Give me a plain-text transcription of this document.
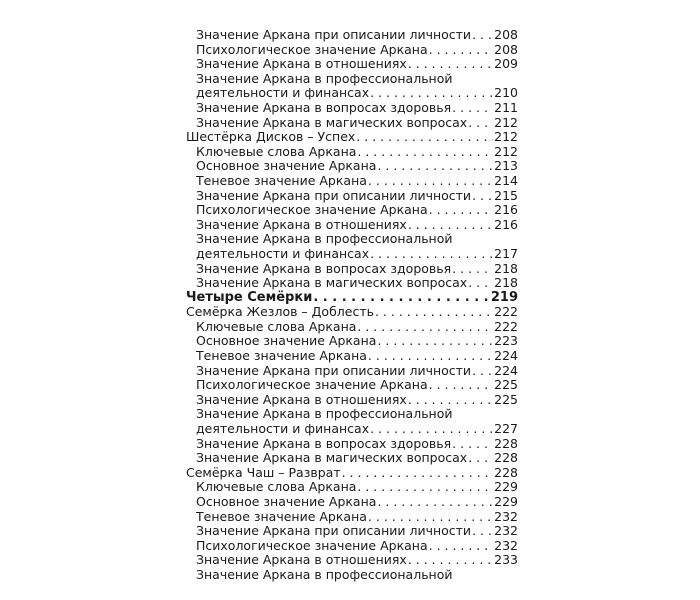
Значение Аркана при описании личности . . . 208
Психологическое значение Аркана . . .	208
Значение Аркана в отношениях . . .	209
Значение Аркана в профессиональной
деятельности и финансах . . .	210
Значение Аркана в вопросах здоровья . . .	211
Значение Аркана в магических вопросах . . . 212
Шестёрка Дисков – Успех . . .	212
Ключевые слова Аркана . . .	212
Основное значение Аркана . . .	213
Теневое значение Аркана . . .	214
Значение Аркана при описании личности . . . 215
Психологическое значение Аркана . . .	216
Значение Аркана в отношениях . . .	216
Значение Аркана в профессиональной
деятельности и финансах . . .	217
Значение Аркана в вопросах здоровья . . .	218
Значение Аркана в магических вопросах . . . 218
Четыре Семёрки . . .	219
Семёрка Жезлов – Доблесть . . .	222
Ключевые слова Аркана . . .	222
Основное значение Аркана . . .	223
Теневое значение Аркана . . .	224
Значение Аркана при описании личности . . . 224
Психологическое значение Аркана . . .	225
Значение Аркана в отношениях . . .	225
Значение Аркана в профессиональной
деятельности и финансах . . .	227
Значение Аркана в вопросах здоровья . . .	228
Значение Аркана в магических вопросах . . . 228
Семёрка Чаш – Разврат . . .	228
Ключевые слова Аркана . . .	229
Основное значение Аркана . . .	229
Теневое значение Аркана . . .	232
Значение Аркана при описании личности . . . 232
Психологическое значение Аркана . . .	232
Значение Аркана в отношениях . . .	233
Значение Аркана в профессиональной
